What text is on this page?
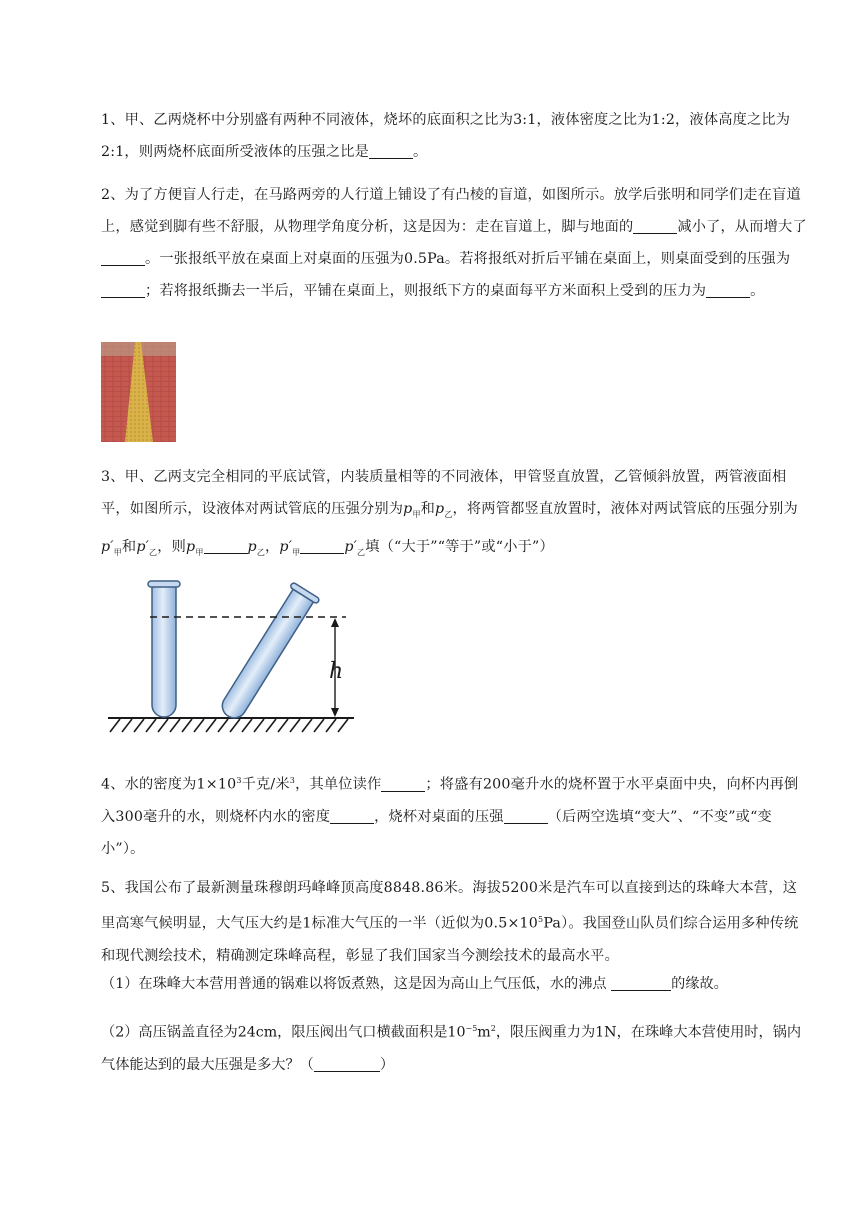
1、甲、乙两烧杯中分别盛有两种不同液体，烧坏的底面积之比为3:1，液体密度之比为1:2，液体高度之比为2:1，则两烧杯底面所受液体的压强之比是	。

2、为了方便盲人行走，在马路两旁的人行道上铺设了有凸棱的盲道，如图所示。放学后张明和同学们走在盲道上，感觉到脚有些不舒服，从物理学角度分析，这是因为：走在盲道上，脚与地面的	减小了，从而增大了。一张报纸平放在桌面上对桌面的压强为0.5Pa。若将报纸对折后平铺在桌面上，则桌面受到的压强为；若将报纸撕去一半后，平铺在桌面上，则报纸下方的桌面每平方米面积上受到的压力为	。

3、甲、乙两支完全相同的平底试管，内装质量相等的不同液体，甲管竖直放置，乙管倾斜放置，两管液面相平，如图所示，设液体对两试管底的压强分别为$p_甲$和$p_乙$，将两管都竖直放置时，液体对两试管底的压强分别为$p'_甲$和$p'_乙$，则$p_甲$	$p_乙$，$p'_甲$	$p'_乙$填（“大于”“等于”或“小于”）

h

4、水的密度为$1\times 10^3$千克/米$^3$，其单位读作	；将盛有200毫升水的烧杯置于水平桌面中央，向杯内再倒入300毫升的水，则烧杯内水的密度	，烧杯对桌面的压强	（后两空选填“变大”、“不变”或“变小”）。

5、我国公布了最新测量珠穆朗玛峰峰顶高度8848.86米。海拔5200米是汽车可以直接到达的珠峰大本营，这里高寒气候明显，大气压大约是1标准大气压的一半（近似为$0.5\times 10^5Pa$）。我国登山队员们综合运用多种传统和现代测绘技术，精确测定珠峰高程，彰显了我们国家当今测绘技术的最高水平。

（1）在珠峰大本营用普通的锅难以将饭煮熟，这是因为高山上气压低，水的沸点	的缘故。

（2）高压锅盖直径为24cm，限压阀出气口横截面积是$10^{-5}m^2$，限压阀重力为1N，在珠峰大本营使用时，锅内气体能达到的最大压强是多大？（	）
